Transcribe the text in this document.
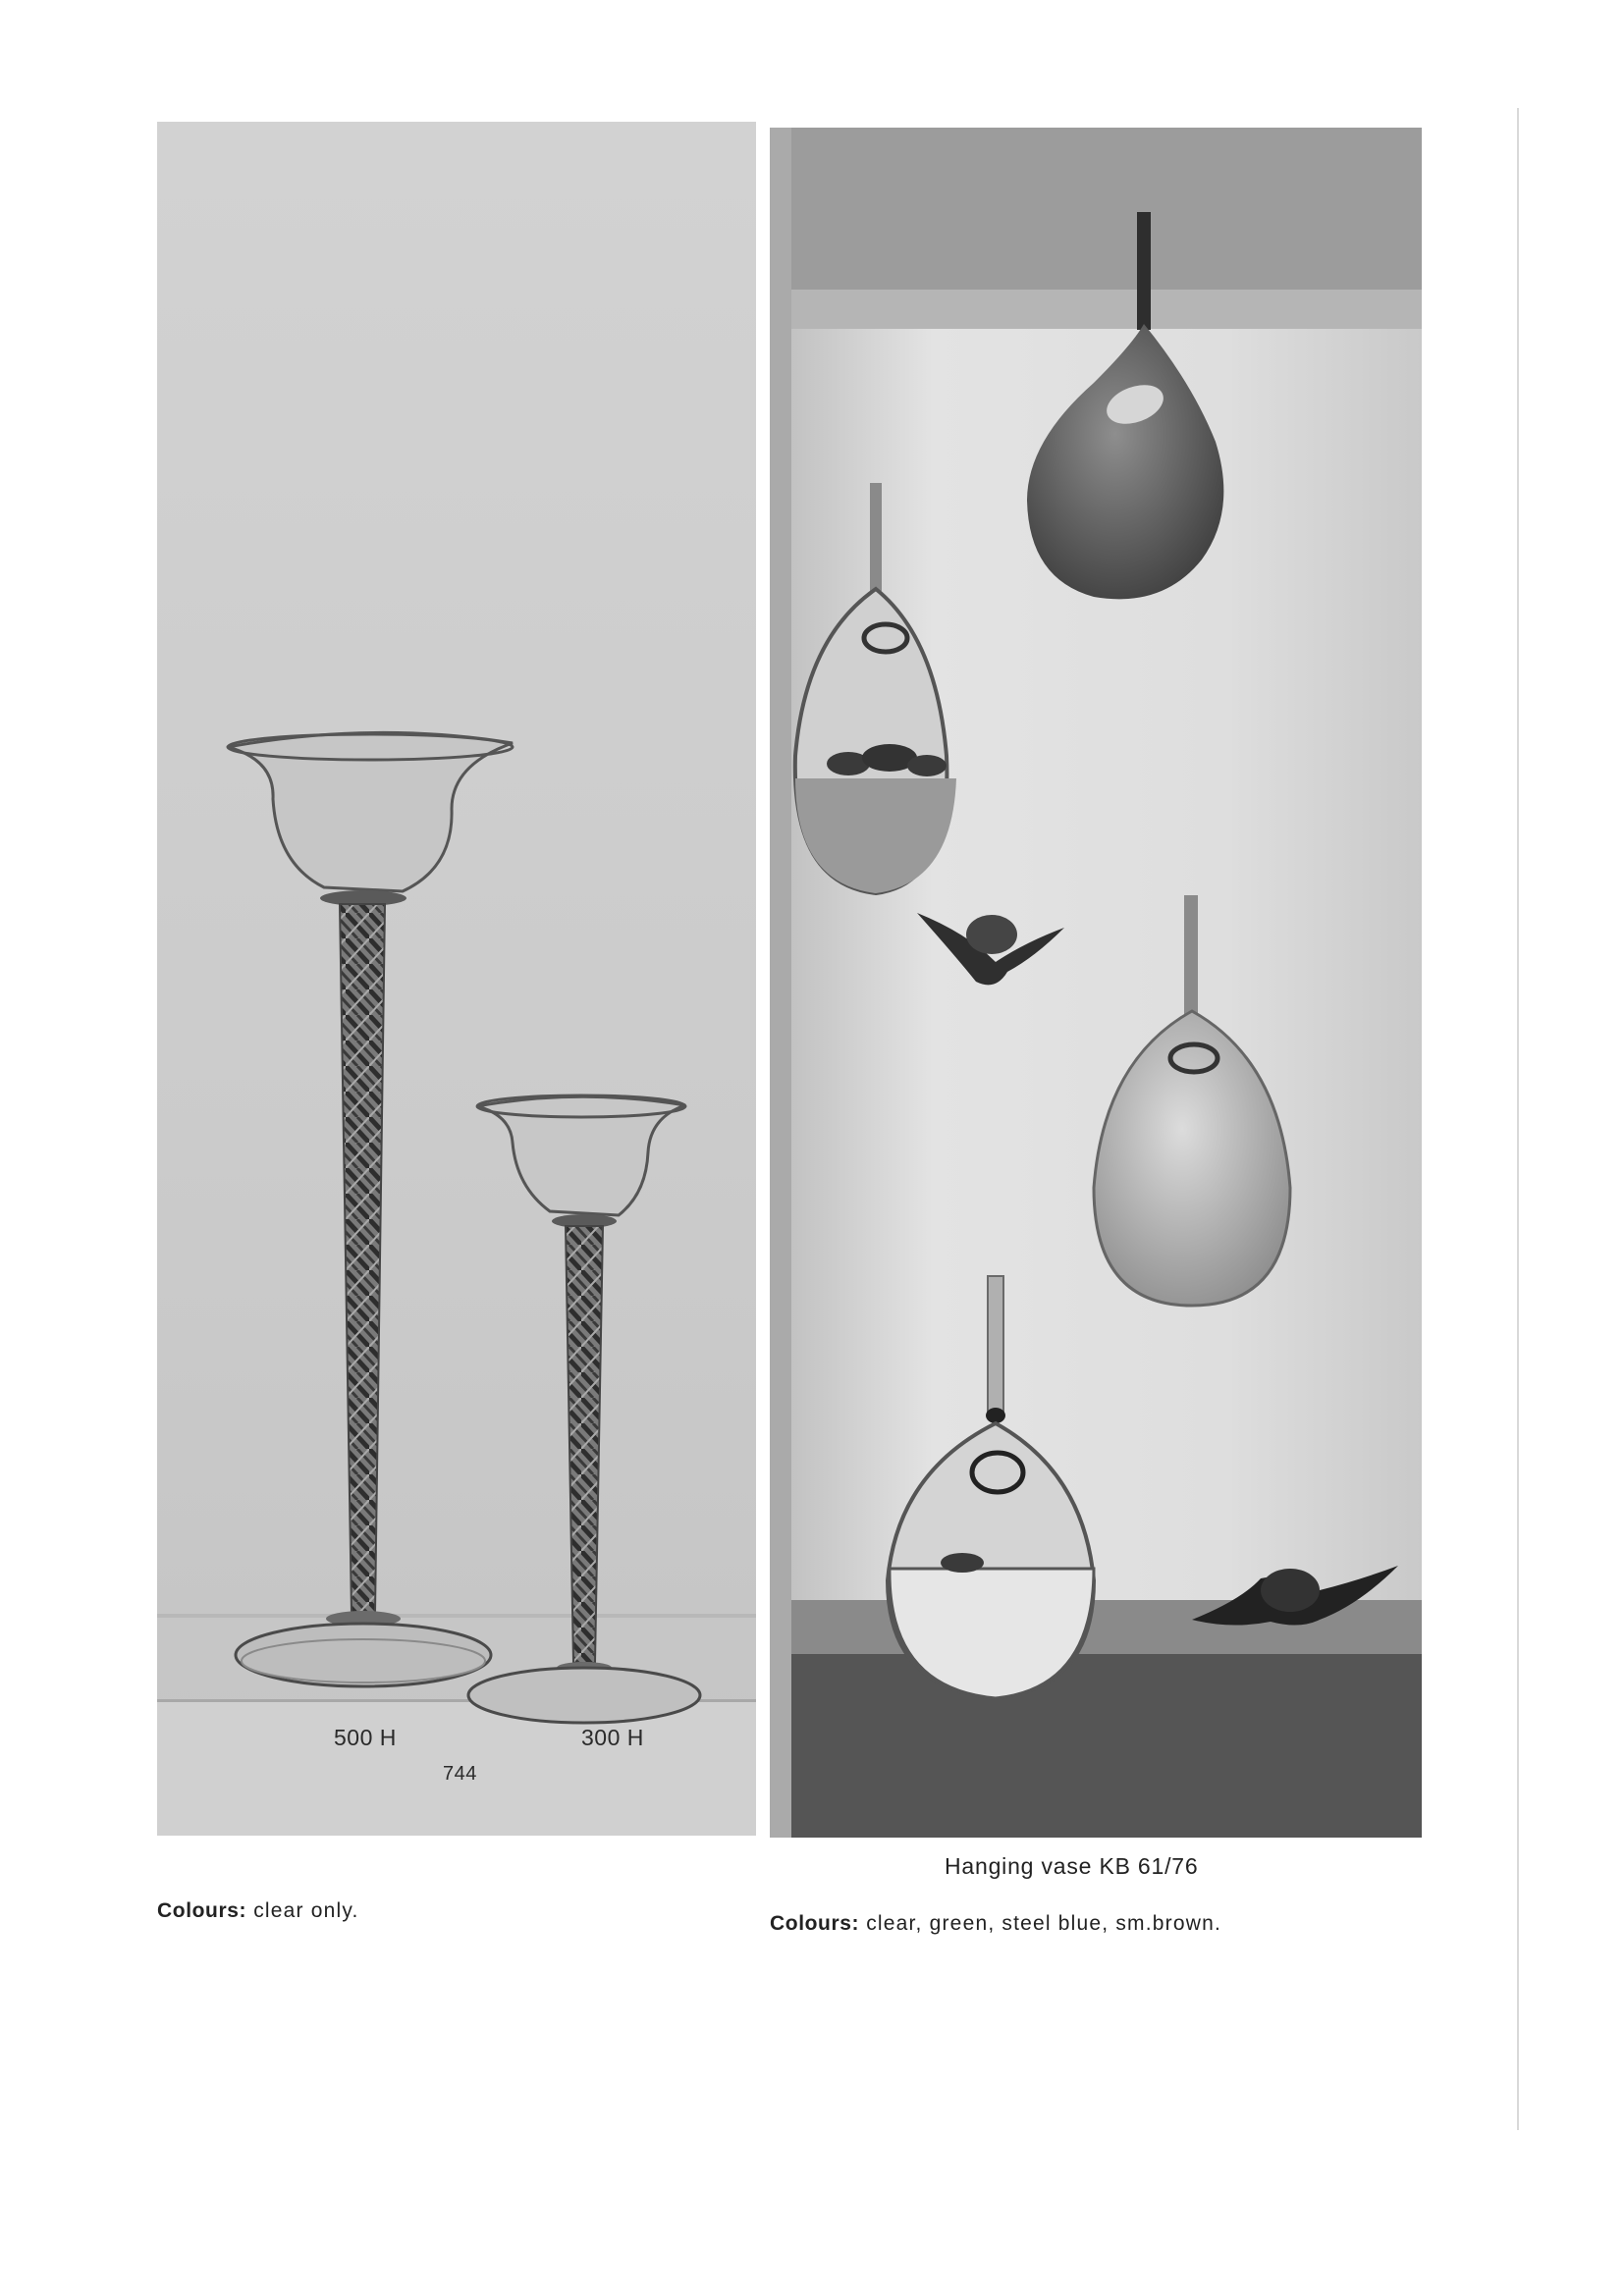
500 H	300 H
744
Hanging vase KB 61/76
Colours: clear only.
Colours: clear, green, steel blue, sm.brown.
